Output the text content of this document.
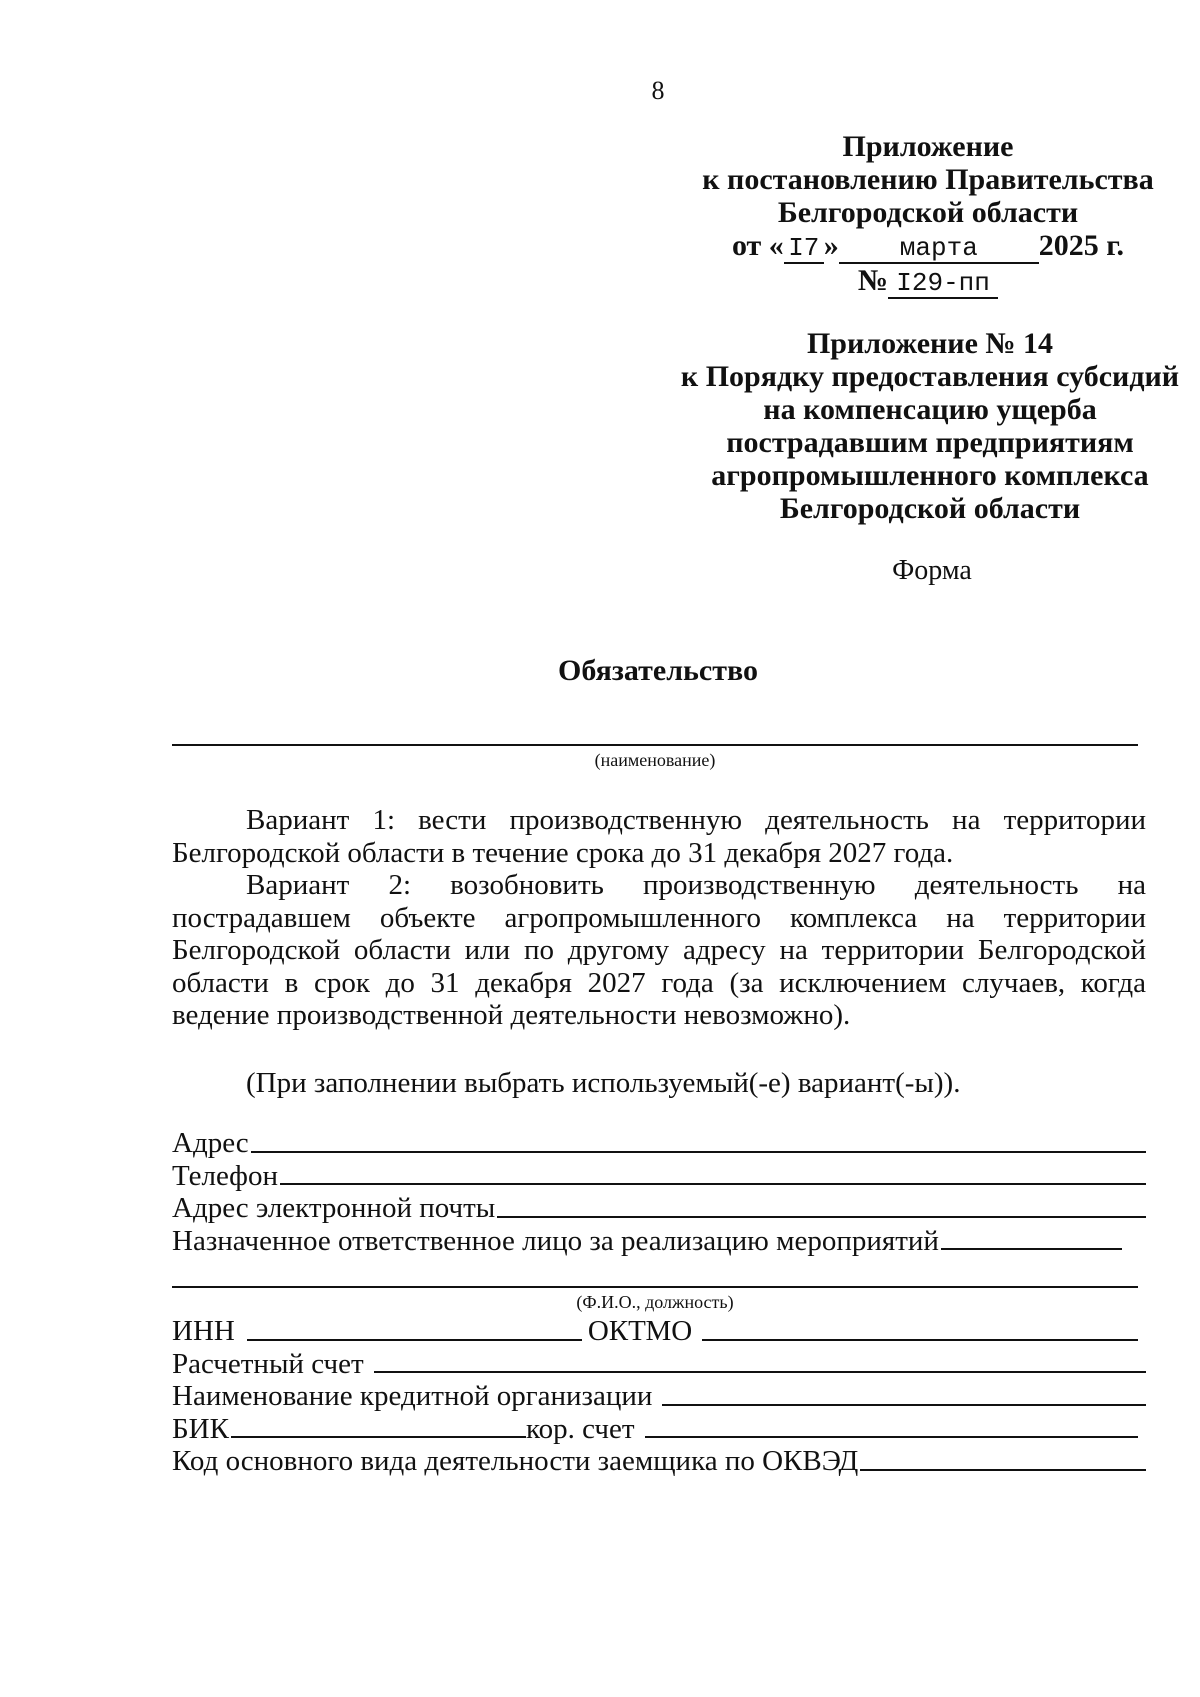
8
Приложение
к постановлению Правительства
Белгородской области
от « I7 » марта 2025 г.
№ I29-пп
Приложение № 14
к Порядку предоставления субсидий
на компенсацию ущерба
пострадавшим предприятиям
агропромышленного комплекса
Белгородской области
Форма
Обязательство
(наименование)

Вариант 1: вести производственную деятельность на территории Белгородской области в течение срока до 31 декабря 2027 года.

Вариант 2: возобновить производственную деятельность на пострадавшем объекте агропромышленного комплекса на территории Белгородской области или по другому адресу на территории Белгородской области в срок до 31 декабря 2027 года (за исключением случаев, когда ведение производственной деятельности невозможно).

(При заполнении выбрать используемый(-е) вариант(-ы)).
Адрес
Телефон
Адрес электронной почты
Назначенное ответственное лицо за реализацию мероприятий
(Ф.И.О., должность)
ИНН	ОКТМО
Расчетный счет
Наименование кредитной организации
БИК	кор. счет
Код основного вида деятельности заемщика по ОКВЭД
